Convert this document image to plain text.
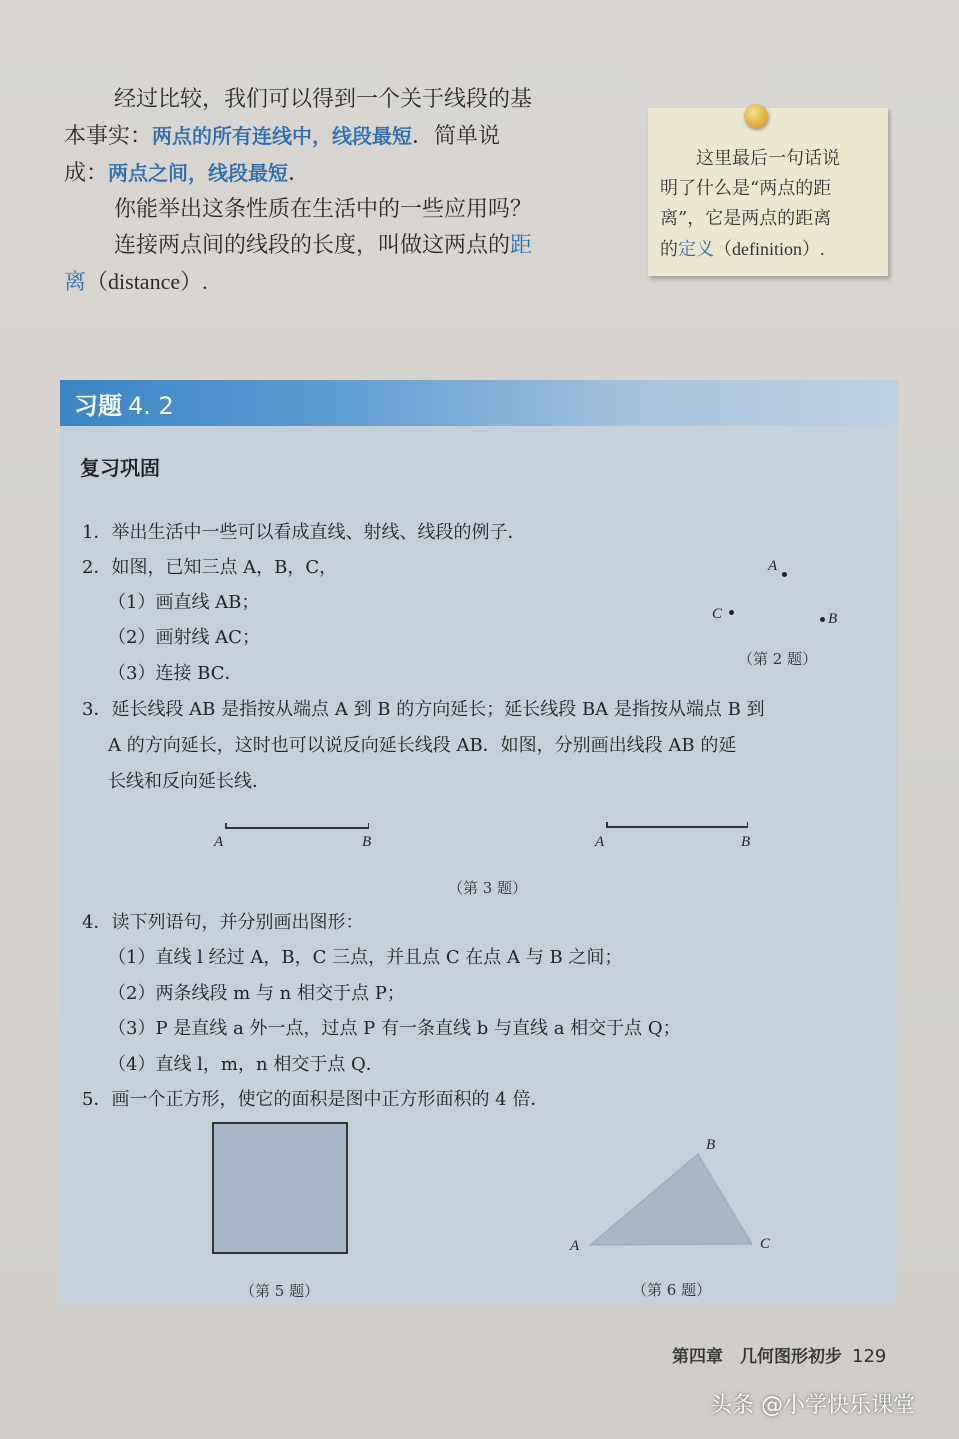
经过比较，我们可以得到一个关于线段的基
本事实：两点的所有连线中，线段最短．简单说
成：两点之间，线段最短．

你能举出这条性质在生活中的一些应用吗？

连接两点间的线段的长度，叫做这两点的距
离（distance）.

这里最后一句话说
明了什么是“两点的距
离”，它是两点的距离
的定义（definition）.
习题 4. 2
复习巩固
1．举出生活中一些可以看成直线、射线、线段的例子．
2．如图，已知三点 A，B，C，
（1）画直线 AB；
（2）画射线 AC；
（3）连接 BC．
A
C	B
（第 2 题）
3．延长线段 AB 是指按从端点 A 到 B 的方向延长；延长线段 BA 是指按从端点 B 到
A 的方向延长，这时也可以说反向延长线段 AB．如图，分别画出线段 AB 的延
长线和反向延长线．
A	B	A	B
（第 3 题）
4．读下列语句，并分别画出图形：
（1）直线 l 经过 A，B，C 三点，并且点 C 在点 A 与 B 之间；
（2）两条线段 m 与 n 相交于点 P；
（3）P 是直线 a 外一点，过点 P 有一条直线 b 与直线 a 相交于点 Q；
（4）直线 l，m，n 相交于点 Q．
5．画一个正方形，使它的面积是图中正方形面积的 4 倍．
（第 5 题）
B
A	C
（第 6 题）
第四章　几何图形初步 129
头条 @小学快乐课堂
